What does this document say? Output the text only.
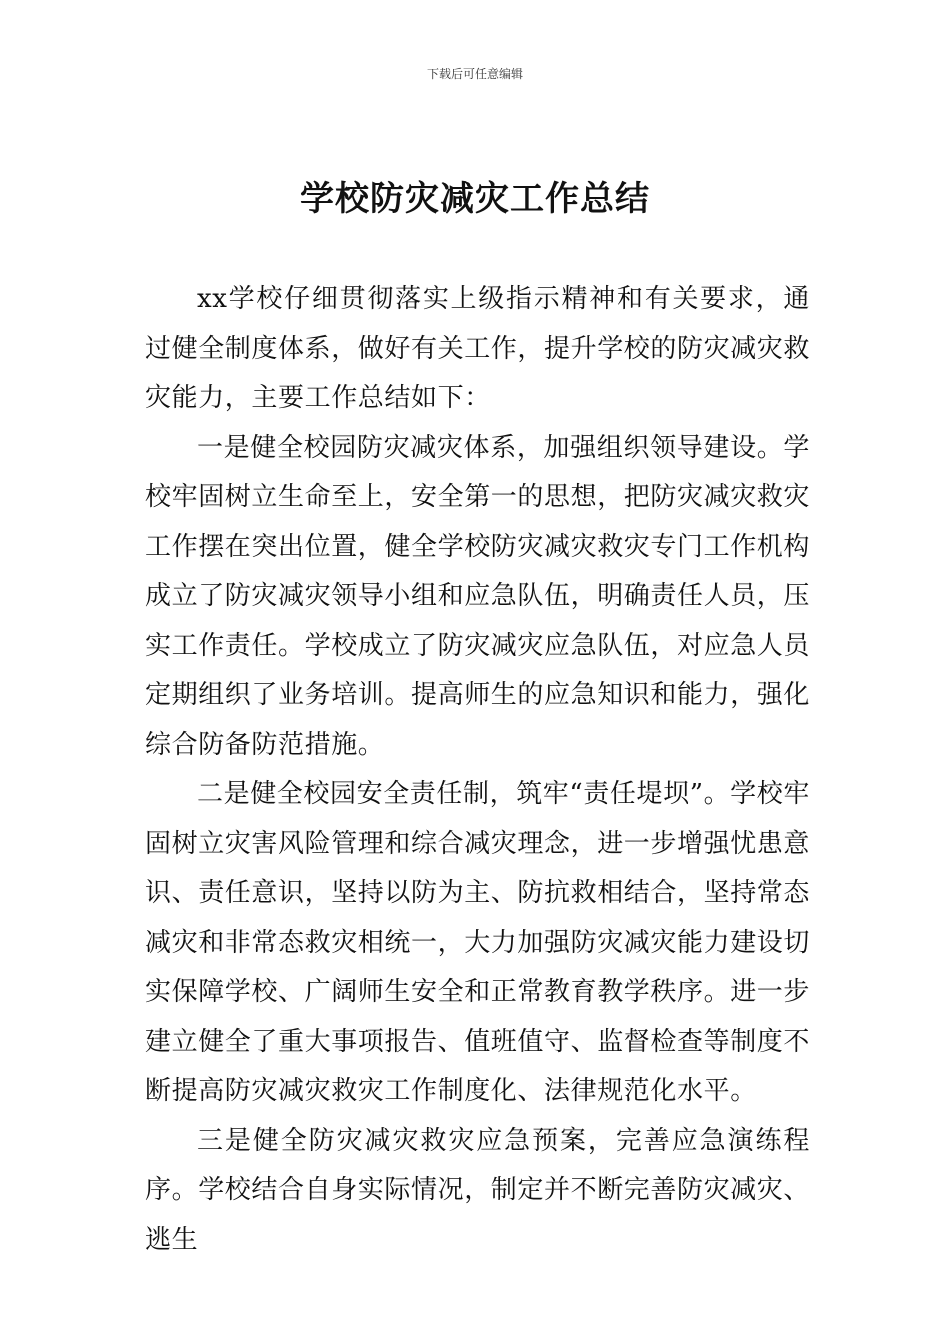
下载后可任意编辑
学校防灾减灾工作总结

xx学校仔细贯彻落实上级指示精神和有关要求，通过健全制度体系，做好有关工作，提升学校的防灾减灾救灾能力，主要工作总结如下：

一是健全校园防灾减灾体系，加强组织领导建设。学校牢固树立生命至上，安全第一的思想，把防灾减灾救灾工作摆在突出位置，健全学校防灾减灾救灾专门工作机构成立了防灾减灾领导小组和应急队伍，明确责任人员，压实工作责任。学校成立了防灾减灾应急队伍，对应急人员定期组织了业务培训。提高师生的应急知识和能力，强化综合防备防范措施。

二是健全校园安全责任制，筑牢“责任堤坝”。学校牢固树立灾害风险管理和综合减灾理念，进一步增强忧患意识、责任意识，坚持以防为主、防抗救相结合，坚持常态减灾和非常态救灾相统一，大力加强防灾减灾能力建设切实保障学校、广阔师生安全和正常教育教学秩序。进一步建立健全了重大事项报告、值班值守、监督检查等制度不断提高防灾减灾救灾工作制度化、法律规范化水平。

三是健全防灾减灾救灾应急预案，完善应急演练程序。学校结合自身实际情况，制定并不断完善防灾减灾、逃生
